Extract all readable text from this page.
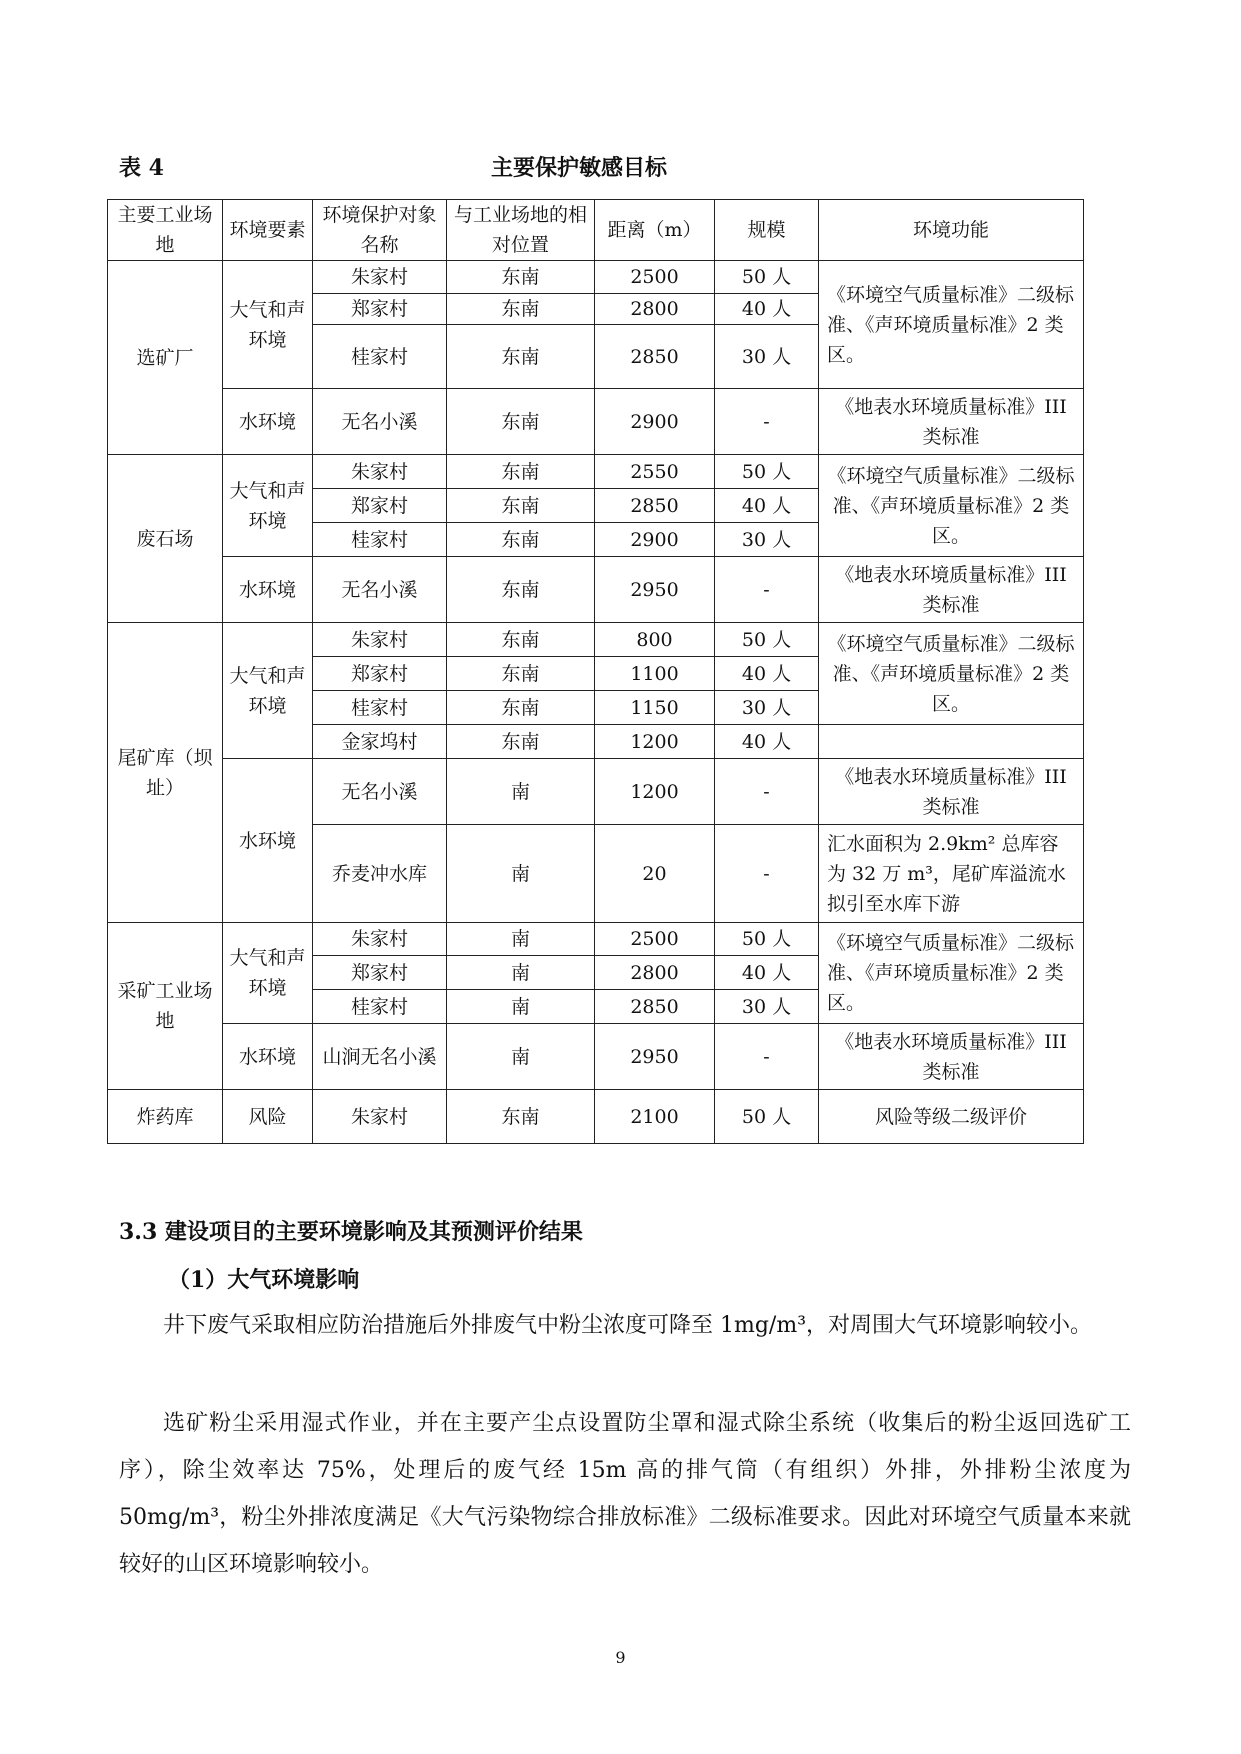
表 4	主要保护敏感目标
主要工业场地	环境要素	环境保护对象名称	与工业场地的相对位置	距离（m）	规模	环境功能
选矿厂	大气和声环境	朱家村	东南	2500	50 人	《环境空气质量标准》二级标准、《声环境质量标准》2 类区。
		郑家村	东南	2800	40 人	
		桂家村	东南	2850	30 人	
	水环境	无名小溪	东南	2900	-	《地表水环境质量标准》III类标准
废石场	大气和声环境	朱家村	东南	2550	50 人	《环境空气质量标准》二级标准、《声环境质量标准》2 类区。
		郑家村	东南	2850	40 人	
		桂家村	东南	2900	30 人	
	水环境	无名小溪	东南	2950	-	《地表水环境质量标准》III类标准
尾矿库（坝址）	大气和声环境	朱家村	东南	800	50 人	《环境空气质量标准》二级标准、《声环境质量标准》2 类区。
		郑家村	东南	1100	40 人	
		桂家村	东南	1150	30 人	
		金家坞村	东南	1200	40 人	
	水环境	无名小溪	南	1200	-	《地表水环境质量标准》III类标准
		乔麦冲水库	南	20	-	汇水面积为 2.9km² 总库容为 32 万 m³，尾矿库溢流水拟引至水库下游
采矿工业场地	大气和声环境	朱家村	南	2500	50 人	《环境空气质量标准》二级标准、《声环境质量标准》2 类区。
		郑家村	南	2800	40 人	
		桂家村	南	2850	30 人	
	水环境	山涧无名小溪	南	2950	-	《地表水环境质量标准》III类标准
炸药库	风险	朱家村	东南	2100	50 人	风险等级二级评价
3.3 建设项目的主要环境影响及其预测评价结果
（1）大气环境影响
井下废气采取相应防治措施后外排废气中粉尘浓度可降至 1mg/m³，对周围大气环境影响较小。
选矿粉尘采用湿式作业，并在主要产尘点设置防尘罩和湿式除尘系统（收集后的粉尘返回选矿工序），除尘效率达 75%，处理后的废气经 15m 高的排气筒（有组织）外排，外排粉尘浓度为 50mg/m³，粉尘外排浓度满足《大气污染物综合排放标准》二级标准要求。因此对环境空气质量本来就较好的山区环境影响较小。
9
